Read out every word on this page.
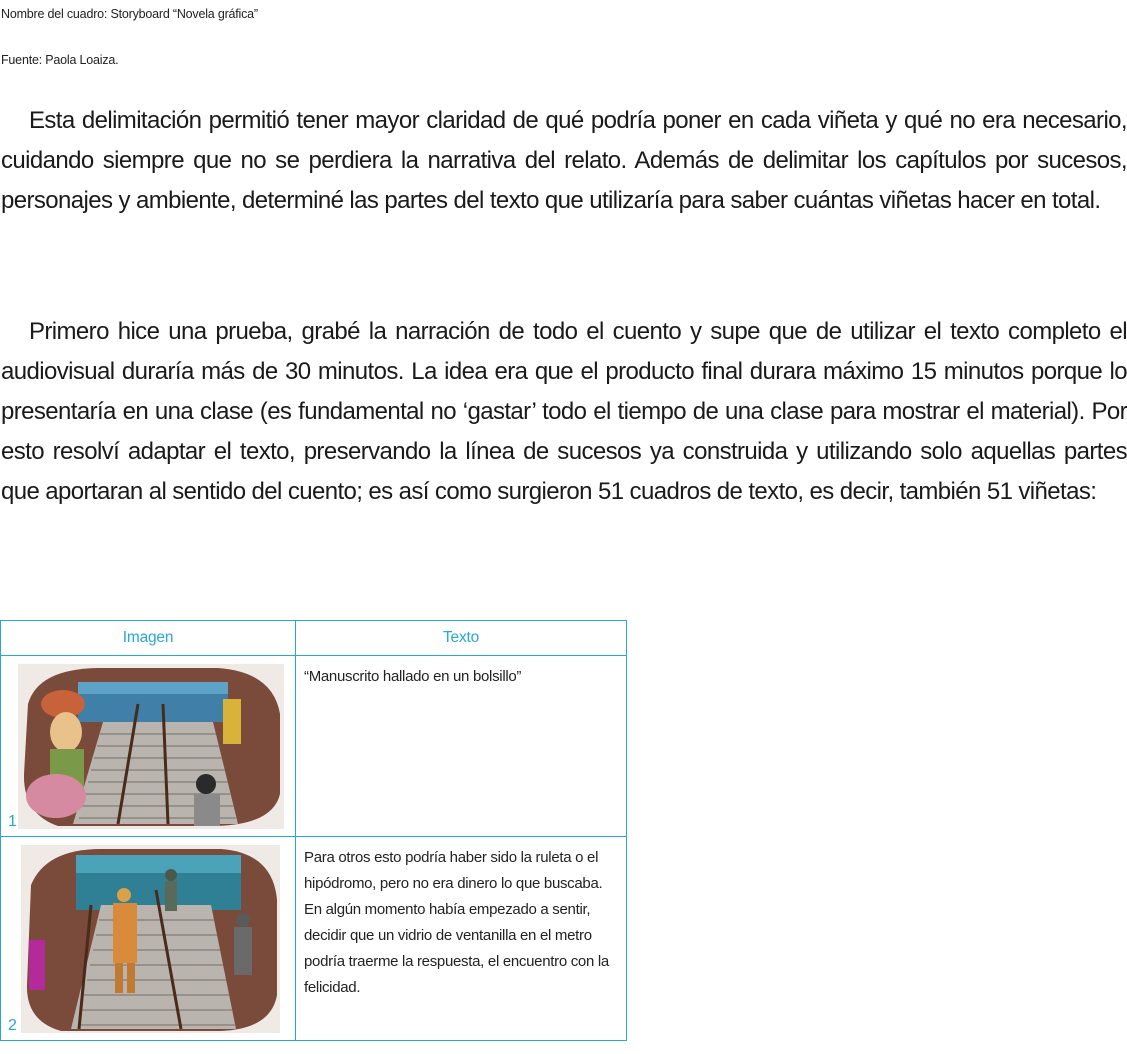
Nombre del cuadro: Storyboard “Novela gráfica”
Fuente: Paola Loaiza.

Esta delimitación permitió tener mayor claridad de qué podría poner en cada viñeta y qué no era necesario, cuidando siempre que no se perdiera la narrativa del relato. Además de delimitar los capítulos por sucesos, personajes y ambiente, determiné las partes del texto que utilizaría para saber cuántas viñetas hacer en total.

Primero hice una prueba, grabé la narración de todo el cuento y supe que de utilizar el texto completo el audiovisual duraría más de 30 minutos. La idea era que el producto final durara máximo 15 minutos porque lo presentaría en una clase (es fundamental no ‘gastar’ todo el tiempo de una clase para mostrar el material). Por esto resolví adaptar el texto, preservando la línea de sucesos ya construida y utilizando solo aquellas partes que aportaran al sentido del cuento; es así como surgieron 51 cuadros de texto, es decir, también 51 viñetas:

Imagen	Texto

1	“Manuscrito hallado en un bolsillo”

2	Para otros esto podría haber sido la ruleta o el hipódromo, pero no era dinero lo que buscaba. En algún momento había empezado a sentir, decidir que un vidrio de ventanilla en el metro podría traerme la respuesta, el encuentro con la felicidad.
